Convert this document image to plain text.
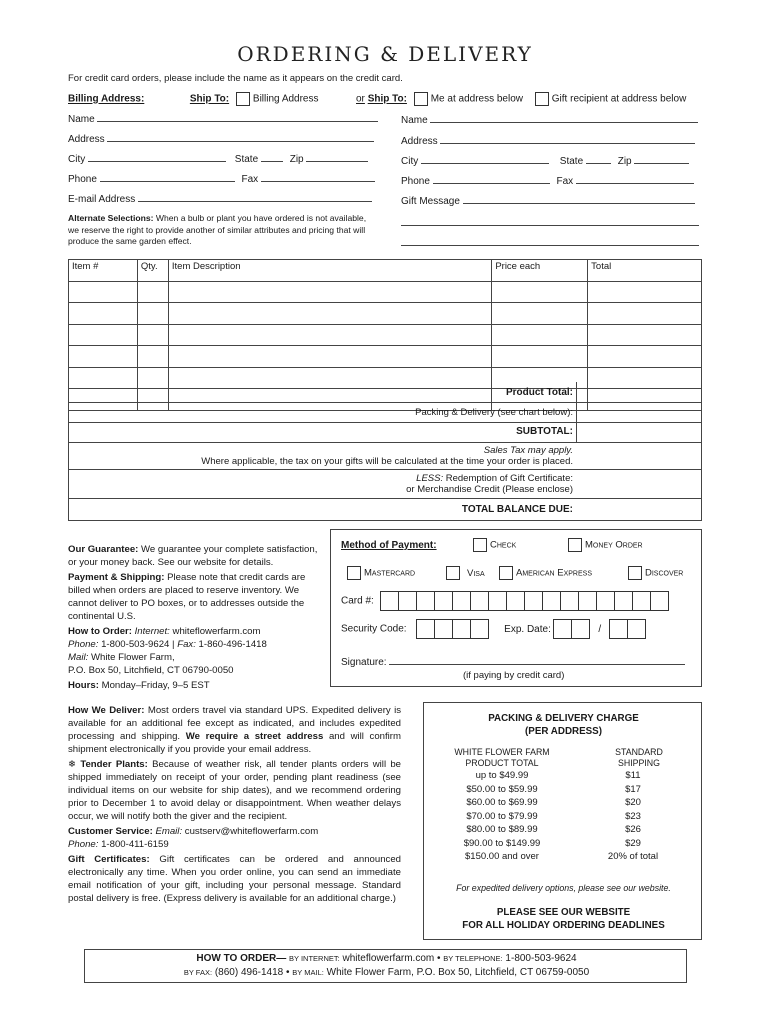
ORDERING & DELIVERY
For credit card orders, please include the name as it appears on the credit card.
Billing Address:	Ship To: Billing Address
Name
Address
City	State	Zip
Phone	Fax
E-mail Address
Alternate Selections: When a bulb or plant you have ordered is not available, we reserve the right to provide another of similar attributes and pricing that will produce the same garden effect.
or Ship To: Me at address below	Gift recipient at address below
Name
Address
City	State	Zip
Phone	Fax
Gift Message
Item #	Qty.	Item Description	Price each	Total

Product Total:
Packing & Delivery (see chart below):
SUBTOTAL:
Sales Tax may apply.
Where applicable, the tax on your gifts will be calculated at the time your order is placed.
LESS: Redemption of Gift Certificate:
or Merchandise Credit (Please enclose)
TOTAL BALANCE DUE:

Our Guarantee: We guarantee your complete satisfaction, or your money back. See our website for details.

Payment & Shipping: Please note that credit cards are billed when orders are placed to reserve inventory. We cannot deliver to PO boxes, or to addresses outside the continental U.S.

How to Order: Internet: whiteflowerfarm.com

Phone: 1-800-503-9624 | Fax: 1-860-496-1418

Mail: White Flower Farm,

P.O. Box 50, Litchfield, CT 06790-0050

Hours: Monday–Friday, 9–5 EST

How We Deliver: Most orders travel via standard UPS. Expedited delivery is available for an additional fee except as indicated, and includes expedited processing and shipping. We require a street address and will confirm shipment electronically if you provide your email address.

❄ Tender Plants: Because of weather risk, all tender plants orders will be shipped immediately on receipt of your order, pending plant readiness (see individual items on our website for ship dates), and we recommend ordering prior to December 1 to avoid delay or disappointment. When weather delays occur, we will notify both the giver and the recipient.

Customer Service: Email: custserv@whiteflowerfarm.com

Phone: 1-800-411-6159

Gift Certificates: Gift certificates can be ordered and announced electronically any time. When you order online, you can send an immediate email notification of your gift, including your personal message. Standard postal delivery is free. (Express delivery is available for an additional charge.)

Method of Payment:	Check	Money Order
Mastercard	Visa	American Express	Discover
Card #:
Security Code:	Exp. Date:	/
Signature:
(if paying by credit card)
PACKING & DELIVERY CHARGE
(PER ADDRESS)
WHITE FLOWER FARM
PRODUCT TOTAL
STANDARD
SHIPPING
up to $49.99	$11
$50.00 to $59.99	$17
$60.00 to $69.99	$20
$70.00 to $79.99	$23
$80.00 to $89.99	$26
$90.00 to $149.99	$29
$150.00 and over	20% of total
For expedited delivery options, please see our website.
PLEASE SEE OUR WEBSITE
FOR ALL HOLIDAY ORDERING DEADLINES
HOW TO ORDER— BY INTERNET: whiteflowerfarm.com • BY TELEPHONE: 1-800-503-9624
BY FAX: (860) 496-1418 • BY MAIL: White Flower Farm, P.O. Box 50, Litchfield, CT 06759-0050
